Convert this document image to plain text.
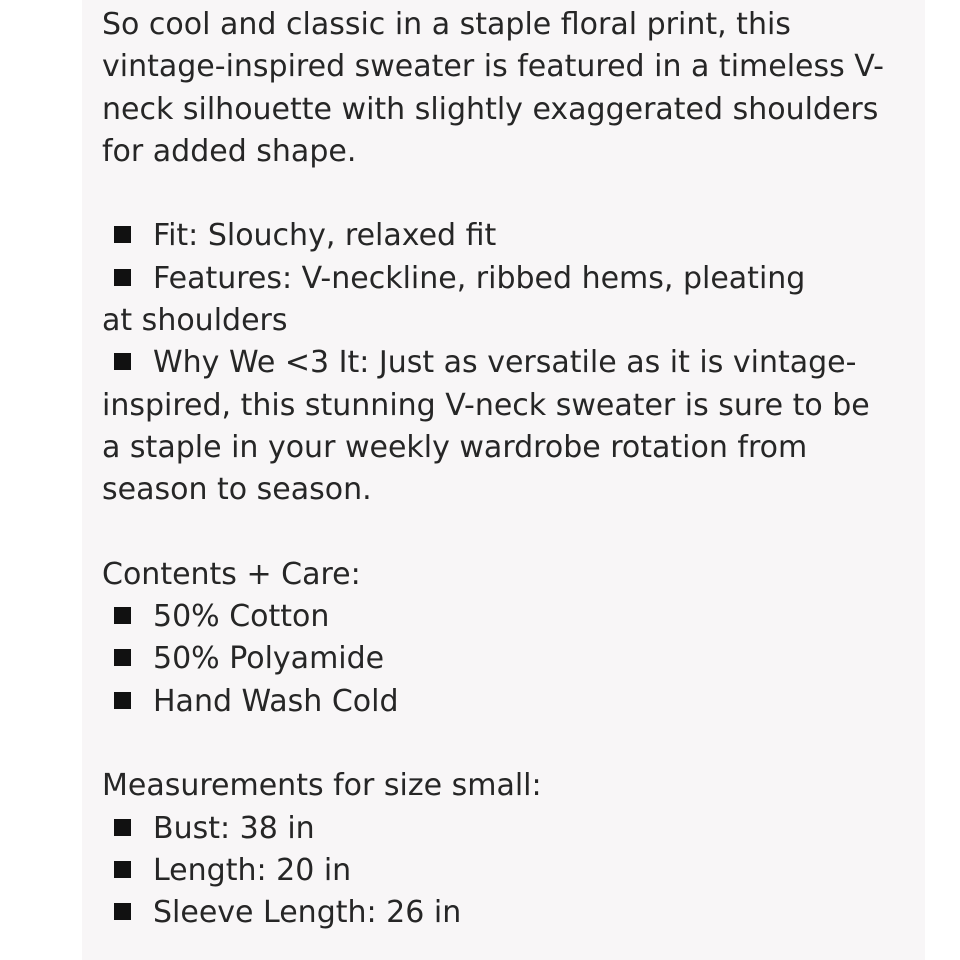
So cool and classic in a staple floral print, this
vintage-inspired sweater is featured in a timeless V-
neck silhouette with slightly exaggerated shoulders
for added shape.
Fit: Slouchy, relaxed fit
Features: V-neckline, ribbed hems, pleating
at shoulders
Why We <3 It: Just as versatile as it is vintage-
inspired, this stunning V-neck sweater is sure to be
a staple in your weekly wardrobe rotation from
season to season.
Contents + Care:
50% Cotton
50% Polyamide
Hand Wash Cold
Measurements for size small:
Bust: 38 in
Length: 20 in
Sleeve Length: 26 in
